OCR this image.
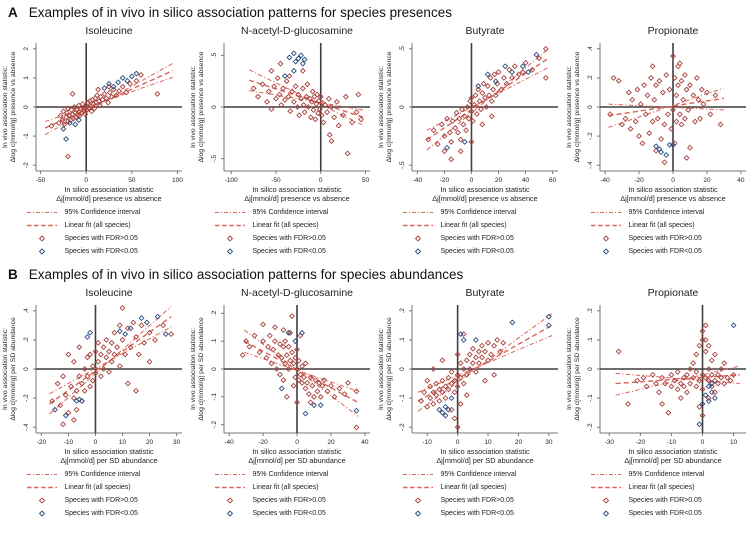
A Examples of in vivo in silico association patterns for species presences
Isoleucine
-2
-1
0
1
2
-50	0	50	100
In vivo association statistic: Δlog c[mmol/g] presence vs absence
In silico association statistic
Δj[mmol/d] presence vs absence
95% Confidence interval
Linear fit (all species)
Species with FDR>0.05
Species with FDR<0.05
N-acetyl-D-glucosamine
-.5
0
.5
-100	-50	0	50
In vivo association statistic: Δlog c[mmol/g] presence vs absence
In silico association statistic
Δj[mmol/d] presence vs absence
95% Confidence interval
Linear fit (all species)
Species with FDR>0.05
Species with FDR<0.05
Butyrate
-.5
0
.5
-40	-20	0	20	40	60
In vivo association statistic: Δlog c[mmol/g] presence vs absence
In silico association statistic
Δj[mmol/d] presence vs absence
95% Confidence interval
Linear fit (all species)
Species with FDR>0.05
Species with FDR<0.05
Propionate
-.4
-.2
0
.2
.4
-40	-20	0	20	40
In vivo association statistic: Δlog c[mmol/g] presence vs absence
In silico association statistic
Δj[mmol/d] presence vs absence
95% Confidence interval
Linear fit (all species)
Species with FDR>0.05
Species with FDR<0.05
B Examples of in vivo in silico association patterns for species abundances
Isoleucine
-.4
-.2
0
.2
.4
-20	-10	0	10	20	30
In vivo association statistic: Δlog c[mmol/g] per SD abundance
In silico association statistic
Δj[mmol/d] per SD abundance
95% Confidence interval
Linear fit (all species)
Species with FDR>0.05
Species with FDR<0.05
N-acetyl-D-glucosamine
-.2
-.1
0
.1
.2
-40	-20	0	20	40
In vivo association statistic: Δlog c[mmol/g] per SD abundance
In silico association statistic
Δj[mmol/d] per SD abundance
95% Confidence interval
Linear fit (all species)
Species with FDR>0.05
Species with FDR<0.05
Butyrate
-.2
-.1
0
.1
.2
-10	0	10	20	30
In vivo association statistic: Δlog c[mmol/g] per SD abundance
In silico association statistic
Δj[mmol/d] per SD abundance
95% Confidence interval
Linear fit (all species)
Species with FDR>0.05
Species with FDR<0.05
Propionate
-.2
-.1
0
.1
.2
-30	-20	-10	0	10
In vivo association statistic: Δlog c[mmol/g] per SD abundance
In silico association statistic
Δj[mmol/d] per SD abundance
95% Confidence interval
Linear fit (all species)
Species with FDR>0.05
Species with FDR<0.05
